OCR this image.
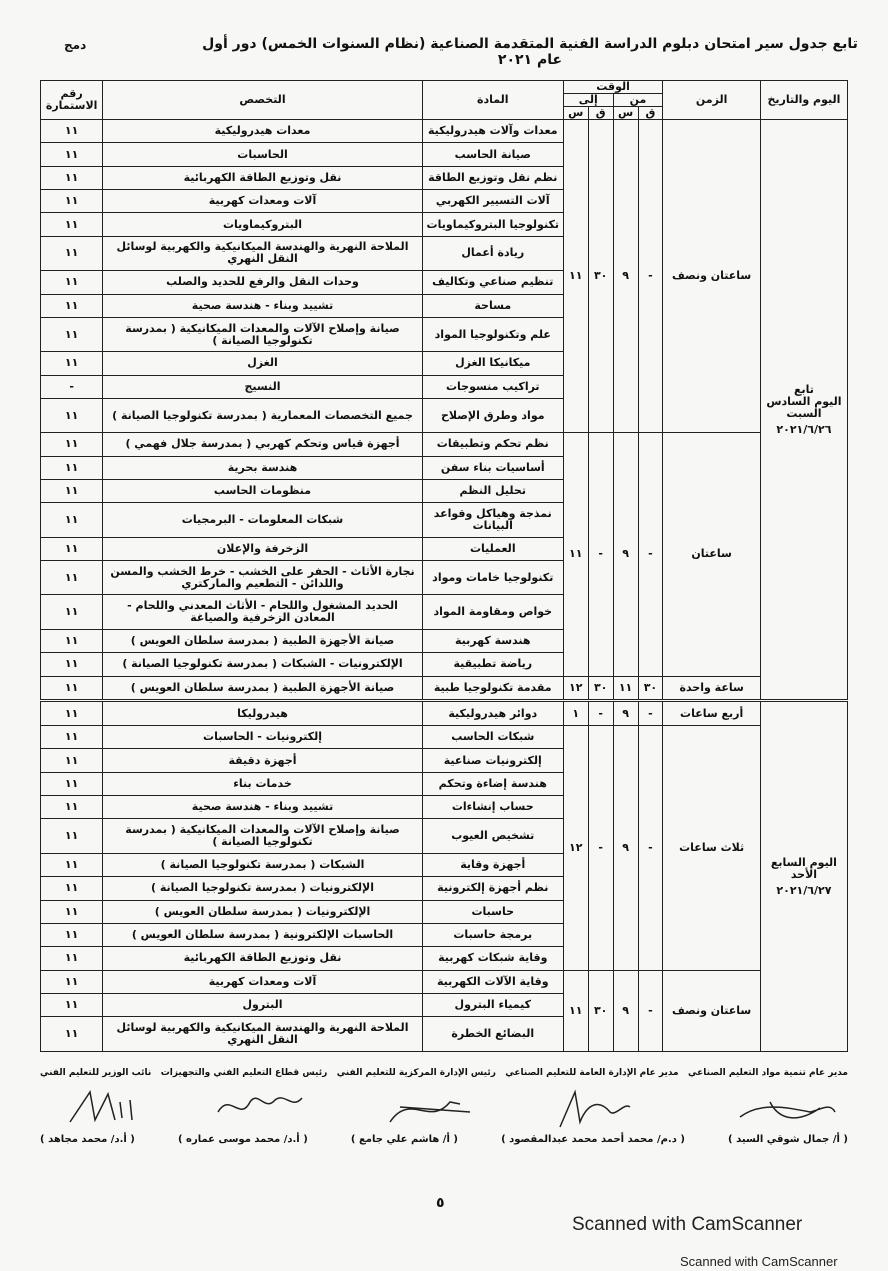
دمج	تابع جدول سير امتحان دبلوم الدراسة الفنية المتقدمة الصناعية (نظام السنوات الخمس) دور أول عام ٢٠٢١
اليوم والتاريخ	الزمن	الوقت				المادة	التخصص	رقم الاستمارة
		من		إلى				
		ق	س	ق	س			

تابع
اليوم السادس
السبت
٢٠٢١/٦/٢٦	ساعتان ونصف	-	٩	٣٠	١١	معدات وآلات هيدروليكية	معدات هيدروليكية	١١
						صيانة الحاسب	الحاسبات	١١
						نظم نقل وتوزيع الطاقة	نقل وتوزيع الطاقة الكهربائية	١١
						آلات التسيير الكهربي	آلات ومعدات كهربية	١١
						تكنولوجيا البتروكيماويات	البتروكيماويات	١١
						ريادة أعمال	الملاحة النهرية والهندسة الميكانيكية والكهربية لوسائل النقل النهري	١١
						تنظيم صناعي وتكاليف	وحدات النقل والرفع للحديد والصلب	١١
						مساحة	تشييد وبناء - هندسة صحية	١١
						علم وتكنولوجيا المواد	صيانة وإصلاح الآلات والمعدات الميكانيكية ( بمدرسة تكنولوجيا الصيانة )	١١
						ميكانيكا الغزل	الغزل	١١
						تراكيب منسوجات	النسيج	-
						مواد وطرق الإصلاح	جميع التخصصات المعمارية ( بمدرسة تكنولوجيا الصيانة )	١١
	ساعتان	-	٩	-	١١	نظم تحكم وتطبيقات	أجهزة قياس وتحكم كهربي ( بمدرسة جلال فهمي )	١١
						أساسيات بناء سفن	هندسة بحرية	١١
						تحليل النظم	منظومات الحاسب	١١
						نمذجة وهياكل وقواعد البيانات	شبكات المعلومات - البرمجيات	١١
						العمليات	الزخرفة والإعلان	١١
						تكنولوجيا خامات ومواد	نجارة الأثاث - الحفر على الخشب - خرط الخشب والمسن واللدائن - التطعيم والماركتري	١١
						خواص ومقاومة المواد	الحديد المشغول واللحام - الأثاث المعدني واللحام - المعادن الزخرفية والصياغة	١١
						هندسة كهربية	صيانة الأجهزة الطبية ( بمدرسة سلطان العويس )	١١
						رياضة تطبيقية	الإلكترونيات - الشبكات ( بمدرسة تكنولوجيا الصيانة )	١١
	ساعة واحدة	٣٠	١١	٣٠	١٢	مقدمة تكنولوجيا طبية	صيانة الأجهزة الطبية ( بمدرسة سلطان العويس )	١١

اليوم السابع
الأحد
٢٠٢١/٦/٢٧	أربع ساعات	-	٩	-	١	دوائر هيدروليكية	هيدروليكا	١١
	ثلاث ساعات	-	٩	-	١٢	شبكات الحاسب	إلكترونيات - الحاسبات	١١
						إلكترونيات صناعية	أجهزة دقيقة	١١
						هندسة إضاءة وتحكم	خدمات بناء	١١
						حساب إنشاءات	تشييد وبناء - هندسة صحية	١١
						تشخيص العيوب	صيانة وإصلاح الآلات والمعدات الميكانيكية ( بمدرسة تكنولوجيا الصيانة )	١١
						أجهزة وقاية	الشبكات ( بمدرسة تكنولوجيا الصيانة )	١١
						نظم أجهزة إلكترونية	الإلكترونيات ( بمدرسة تكنولوجيا الصيانة )	١١
						حاسبات	الإلكترونيات ( بمدرسة سلطان العويس )	١١
						برمجة حاسبات	الحاسبات الإلكترونية ( بمدرسة سلطان العويس )	١١
						وقاية شبكات كهربية	نقل وتوزيع الطاقة الكهربائية	١١
	ساعتان ونصف	-	٩	٣٠	١١	وقاية الآلات الكهربية	آلات ومعدات كهربية	١١
						كيمياء البترول	البترول	١١
						البضائع الخطرة	الملاحة النهرية والهندسة الميكانيكية والكهربية لوسائل النقل النهري	١١
مدير عام تنمية مواد التعليم الصناعي
مدير عام الإدارة العامة للتعليم الصناعي
رئيس الإدارة المركزية للتعليم الفني
رئيس قطاع التعليم الفني والتجهيزات
نائب الوزير للتعليم الفني
( أ/ جمال شوقي السيد )
( د.م/ محمد أحمد محمد عبدالمقصود )
( أ/ هاشم علي جامع )
( أ.د/ محمد موسى عماره )
( أ.د/ محمد مجاهد )
٥
Scanned with CamScanner
Scanned with CamScanner
